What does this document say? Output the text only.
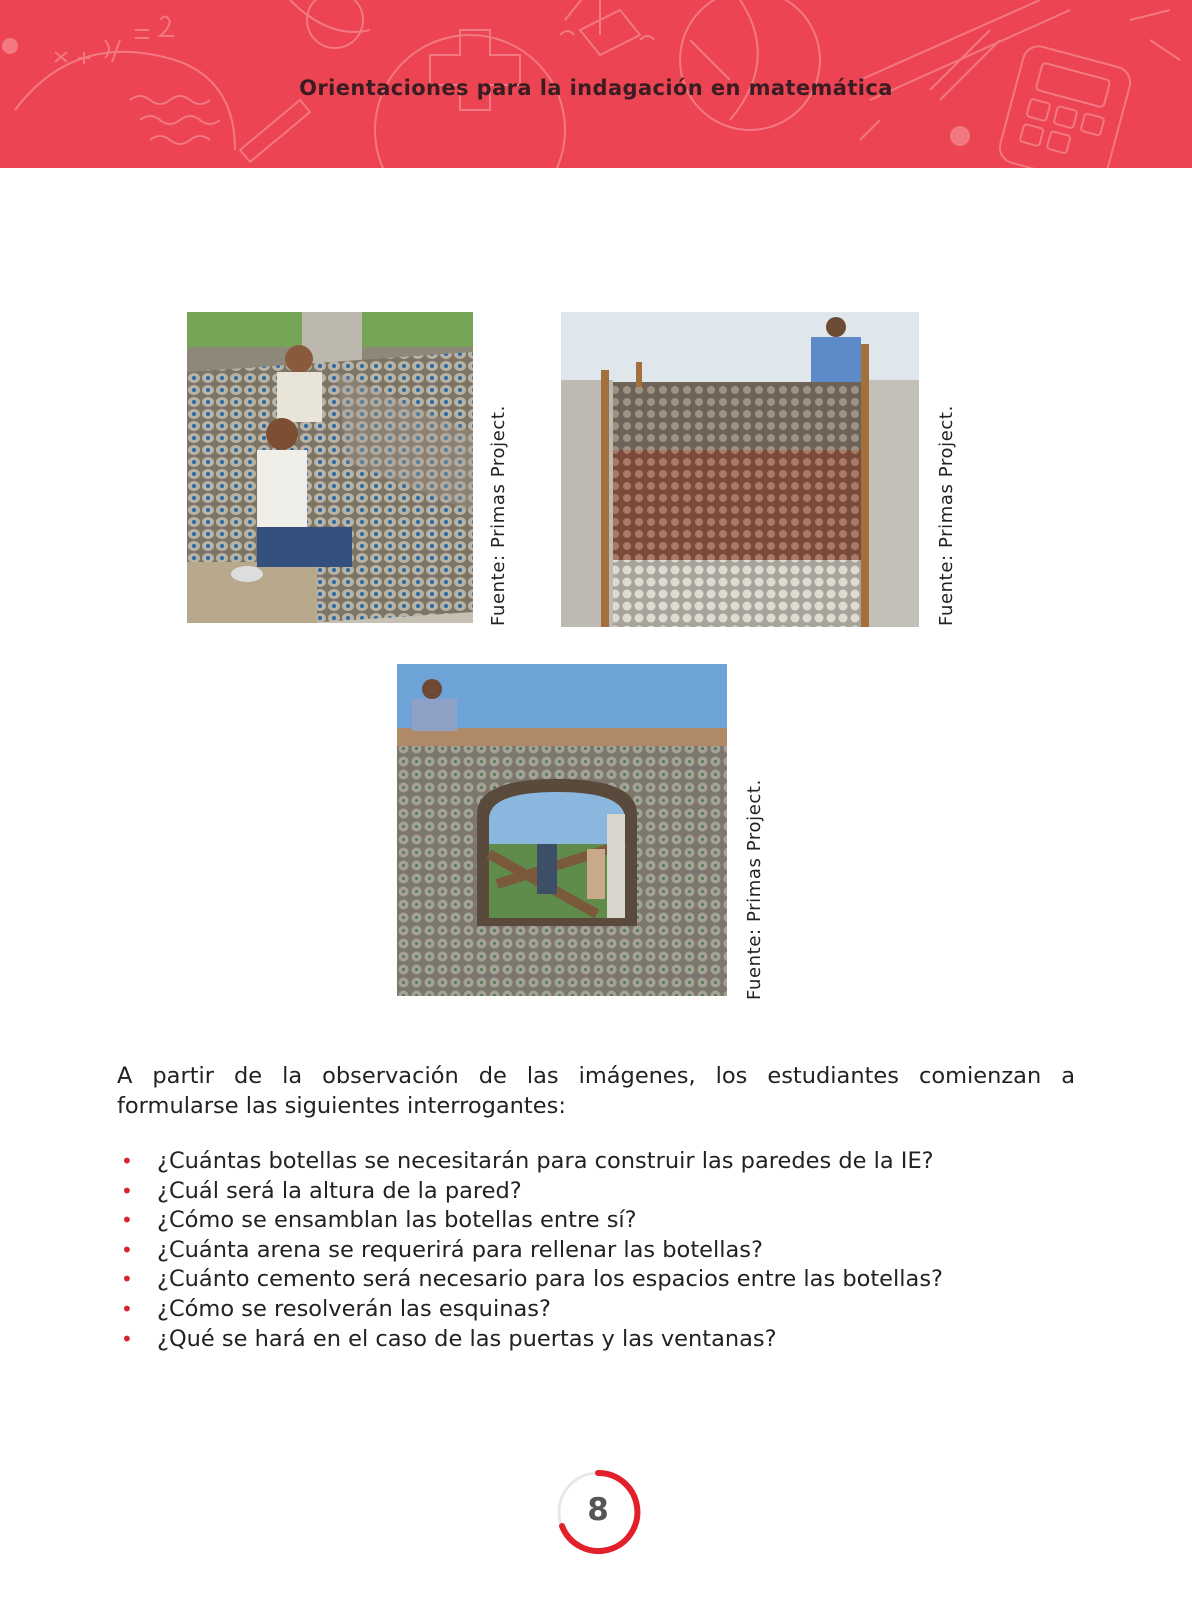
Orientaciones para la indagación en matemática
Fuente: Primas Project.	Fuente: Primas Project.
Fuente: Primas Project.
A partir de la observación de las imágenes, los estudiantes comienzan a
formularse las siguientes interrogantes:
• ¿Cuántas botellas se necesitarán para construir las paredes de la IE?
• ¿Cuál será la altura de la pared?
• ¿Cómo se ensamblan las botellas entre sí?
• ¿Cuánta arena se requerirá para rellenar las botellas?
• ¿Cuánto cemento será necesario para los espacios entre las botellas?
• ¿Cómo se resolverán las esquinas?
• ¿Qué se hará en el caso de las puertas y las ventanas?
8
